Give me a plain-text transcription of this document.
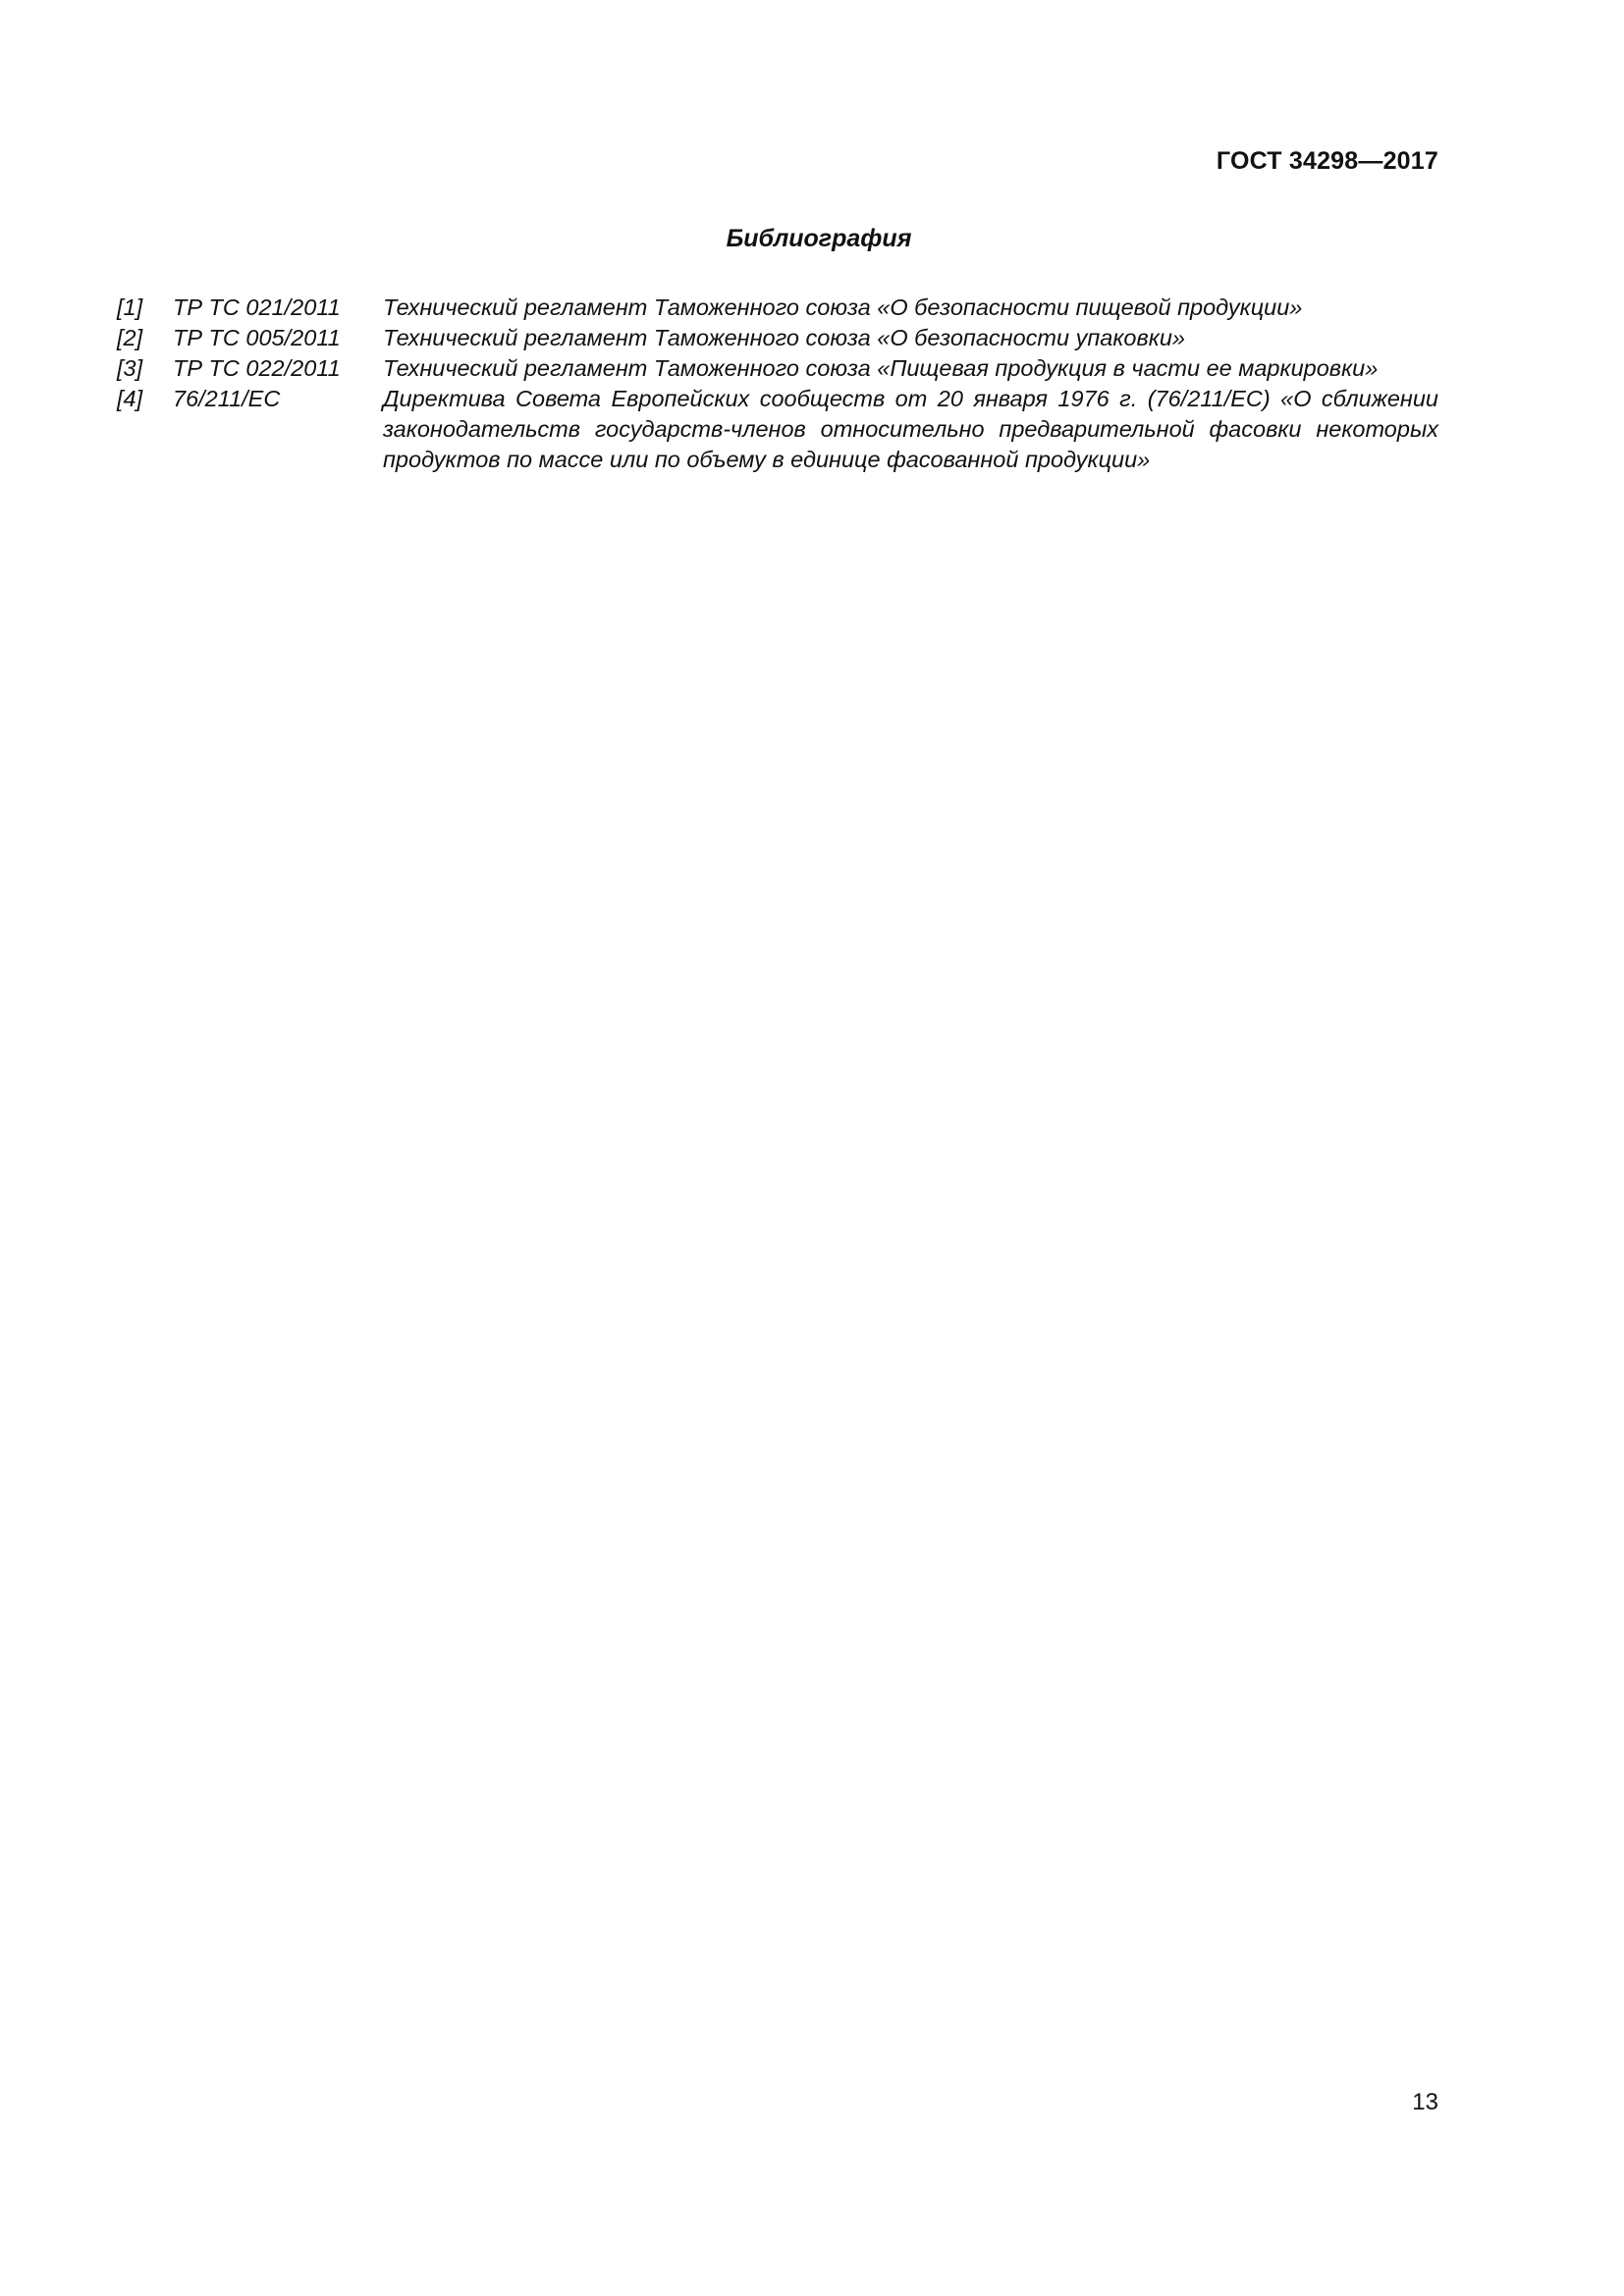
ГОСТ 34298—2017
Библиография
[1]	ТР ТС 021/2011	Технический регламент Таможенного союза «О безопасности пищевой продукции»
[2]	ТР ТС 005/2011	Технический регламент Таможенного союза «О безопасности упаковки»
[3]	ТР ТС 022/2011	Технический регламент Таможенного союза «Пищевая продукция в части ее маркировки»
[4]	76/211/EC	Директива Совета Европейских сообществ от 20 января 1976 г. (76/211/ЕС) «О сближении законодательств государств-членов относительно предварительной фасовки некоторых продуктов по массе или по объему в единице фасованной продукции»
13
